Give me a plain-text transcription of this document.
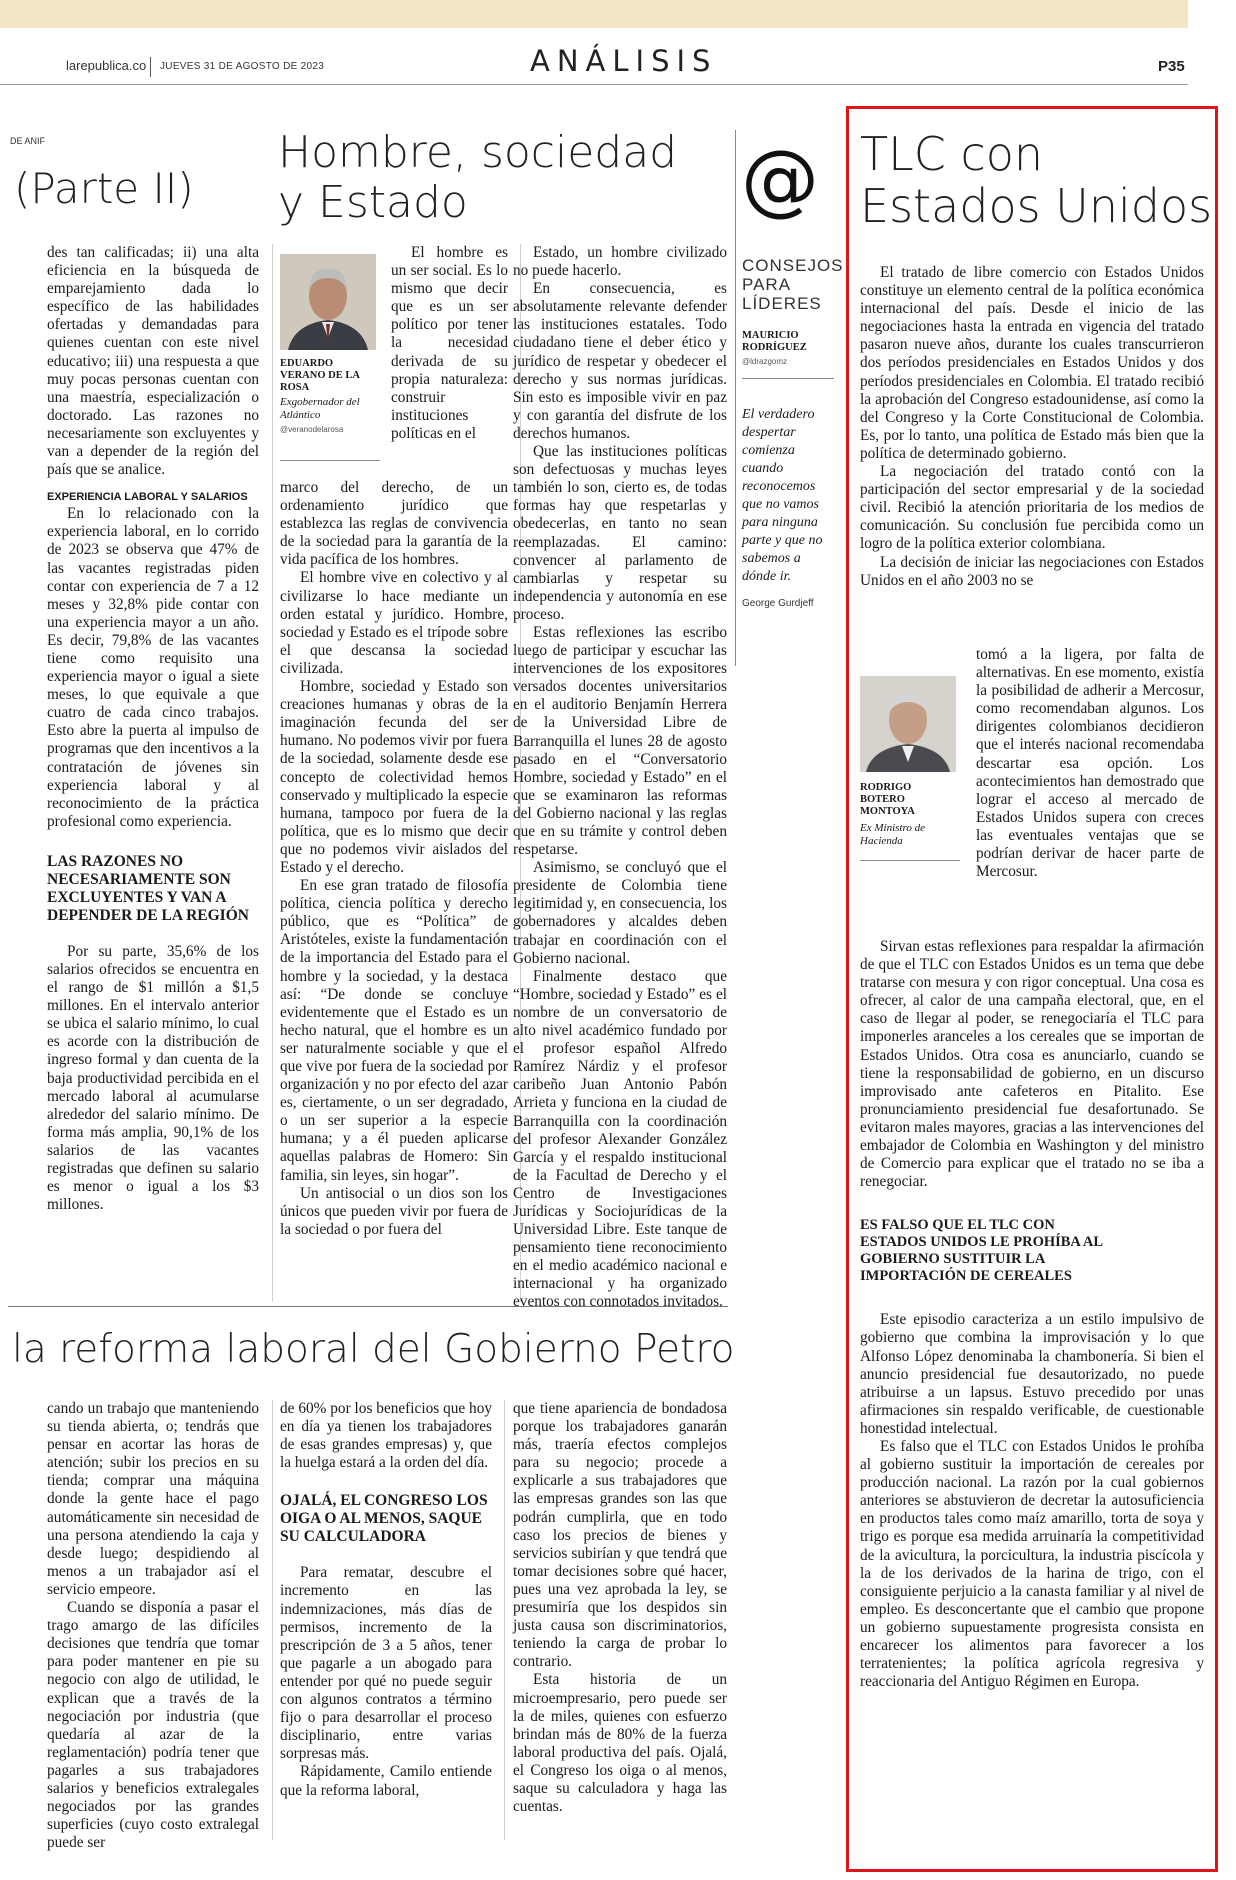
larepublica.co JUEVES 31 DE AGOSTO DE 2023	ANÁLISIS	P35
DE ANIF
(Parte II)

des tan calificadas; ii) una alta eficiencia en la búsqueda de emparejamiento dada lo específico de las habilidades ofertadas y demandadas para quienes cuentan con este nivel educativo; iii) una respuesta a que muy pocas personas cuentan con una maestría, especialización o doctorado. Las razones no necesariamente son excluyentes y van a depender de la región del país que se analice.

EXPERIENCIA LABORAL Y SALARIOS

En lo relacionado con la experiencia laboral, en lo corrido de 2023 se observa que 47% de las vacantes registradas piden contar con experiencia de 7 a 12 meses y 32,8% pide contar con una experiencia mayor a un año. Es decir, 79,8% de las vacantes tiene como requisito una experiencia mayor o igual a siete meses, lo que equivale a que cuatro de cada cinco trabajos. Esto abre la puerta al impulso de programas que den incentivos a la contratación de jóvenes sin experiencia laboral y al reconocimiento de la práctica profesional como experiencia.

LAS RAZONES NO NECESARIAMENTE SON EXCLUYENTES Y VAN A DEPENDER DE LA REGIÓN

Por su parte, 35,6% de los salarios ofrecidos se encuentra en el rango de $1 millón a $1,5 millones. En el intervalo anterior se ubica el salario mínimo, lo cual es acorde con la distribución de ingreso formal y dan cuenta de la baja productividad percibida en el mercado laboral al acumularse alrededor del salario mínimo. De forma más amplia, 90,1% de los salarios de las vacantes registradas que definen su salario es menor o igual a los $3 millones.

Hombre, sociedad
y Estado
EDUARDO VERANO DE LA ROSA
Exgobernador del Atlántico
@veranodelarosa

El hombre es un ser social. Es lo mismo que decir que es un ser político por tener la necesidad derivada de su propia naturaleza: construir instituciones políticas en el

marco del derecho, de un ordenamiento jurídico que establezca las reglas de convivencia de la sociedad para la garantía de la vida pacífica de los hombres.

El hombre vive en colectivo y al civilizarse lo hace mediante un orden estatal y jurídico. Hombre, sociedad y Estado es el trípode sobre el que descansa la sociedad civilizada.

Hombre, sociedad y Estado son creaciones humanas y obras de la imaginación fecunda del ser humano. No podemos vivir por fuera de la sociedad, solamente desde ese concepto de colectividad hemos conservado y multiplicado la especie humana, tampoco por fuera de la política, que es lo mismo que decir que no podemos vivir aislados del Estado y el derecho.

En ese gran tratado de filosofía política, ciencia política y derecho público, que es “Política” de Aristóteles, existe la fundamentación de la importancia del Estado para el hombre y la sociedad, y la destaca así: “De donde se concluye evidentemente que el Estado es un hecho natural, que el hombre es un ser naturalmente sociable y que el que vive por fuera de la sociedad por organización y no por efecto del azar es, ciertamente, o un ser degradado, o un ser superior a la especie humana; y a él pueden aplicarse aquellas palabras de Homero: Sin familia, sin leyes, sin hogar”.

Un antisocial o un dios son los únicos que pueden vivir por fuera de la sociedad o por fuera del

Estado, un hombre civilizado no puede hacerlo.

En consecuencia, es absolutamente relevante defender las instituciones estatales. Todo ciudadano tiene el deber ético y jurídico de respetar y obedecer el derecho y sus normas jurídicas. Sin esto es imposible vivir en paz y con garantía del disfrute de los derechos humanos.

Que las instituciones políticas son defectuosas y muchas leyes también lo son, cierto es, de todas formas hay que respetarlas y obedecerlas, en tanto no sean reemplazadas. El camino: convencer al parlamento de cambiarlas y respetar su independencia y autonomía en ese proceso.

Estas reflexiones las escribo luego de participar y escuchar las intervenciones de los expositores versados docentes universitarios en el auditorio Benjamín Herrera de la Universidad Libre de Barranquilla el lunes 28 de agosto pasado en el “Conversatorio Hombre, sociedad y Estado” en el que se examinaron las reformas del Gobierno nacional y las reglas que en su trámite y control deben respetarse.

Asimismo, se concluyó que el presidente de Colombia tiene legitimidad y, en consecuencia, los gobernadores y alcaldes deben trabajar en coordinación con el Gobierno nacional.

Finalmente destaco que “Hombre, sociedad y Estado” es el nombre de un conversatorio de alto nivel académico fundado por el profesor español Alfredo Ramírez Nárdiz y el profesor caribeño Juan Antonio Pabón Arrieta y funciona en la ciudad de Barranquilla con la coordinación del profesor Alexander González García y el respaldo institucional de la Facultad de Derecho y el Centro de Investigaciones Jurídicas y Sociojurídicas de la Universidad Libre. Este tanque de pensamiento tiene reconocimiento en el medio académico nacional e internacional y ha organizado eventos con connotados invitados.

@
CONSEJOS
PARA
LÍDERES
MAURICIO RODRÍGUEZ
@ldrazgomz
El verdadero despertar comienza cuando reconocemos que no vamos para ninguna parte y que no sabemos a dónde ir.
George Gurdjeff
la reforma laboral del Gobierno Petro

cando un trabajo que manteniendo su tienda abierta, o; tendrás que pensar en acortar las horas de atención; subir los precios en su tienda; comprar una máquina donde la gente hace el pago automáticamente sin necesidad de una persona atendiendo la caja y desde luego; despidiendo al menos a un trabajador así el servicio empeore.

Cuando se disponía a pasar el trago amargo de las difíciles decisiones que tendría que tomar para poder mantener en pie su negocio con algo de utilidad, le explican que a través de la negociación por industria (que quedaría al azar de la reglamentación) podría tener que pagarles a sus trabajadores salarios y beneficios extralegales negociados por las grandes superficies (cuyo costo extralegal puede ser

de 60% por los beneficios que hoy en día ya tienen los trabajadores de esas grandes empresas) y, que la huelga estará a la orden del día.

OJALÁ, EL CONGRESO LOS OIGA O AL MENOS, SAQUE SU CALCULADORA

Para rematar, descubre el incremento en las indemnizaciones, más días de permisos, incremento de la prescripción de 3 a 5 años, tener que pagarle a un abogado para entender por qué no puede seguir con algunos contratos a término fijo o para desarrollar el proceso disciplinario, entre varias sorpresas más.

Rápidamente, Camilo entiende que la reforma laboral,

que tiene apariencia de bondadosa porque los trabajadores ganarán más, traería efectos complejos para su negocio; procede a explicarle a sus trabajadores que las empresas grandes son las que podrán cumplirla, que en todo caso los precios de bienes y servicios subirían y que tendrá que tomar decisiones sobre qué hacer, pues una vez aprobada la ley, se presumiría que los despidos sin justa causa son discriminatorios, teniendo la carga de probar lo contrario.

Esta historia de un microempresario, pero puede ser la de miles, quienes con esfuerzo brindan más de 80% de la fuerza laboral productiva del país. Ojalá, el Congreso los oiga o al menos, saque su calculadora y haga las cuentas.

TLC con
Estados Unidos

El tratado de libre comercio con Estados Unidos constituye un elemento central de la política económica internacional del país. Desde el inicio de las negociaciones hasta la entrada en vigencia del tratado pasaron nueve años, durante los cuales transcurrieron dos períodos presidenciales en Estados Unidos y dos períodos presidenciales en Colombia. El tratado recibió la aprobación del Congreso estadounidense, así como la del Congreso y la Corte Constitucional de Colombia. Es, por lo tanto, una política de Estado más bien que la política de determinado gobierno.

La negociación del tratado contó con la participación del sector empresarial y de la sociedad civil. Recibió la atención prioritaria de los medios de comunicación. Su conclusión fue percibida como un logro de la política exterior colombiana.

La decisión de iniciar las negociaciones con Estados Unidos en el año 2003 no se

RODRIGO BOTERO MONTOYA
Ex Ministro de Hacienda

tomó a la ligera, por falta de alternativas. En ese momento, existía la posibilidad de adherir a Mercosur, como recomendaban algunos. Los dirigentes colombianos decidieron que el interés nacional recomendaba descartar esa opción. Los acontecimientos han demostrado que lograr el acceso al mercado de Estados Unidos supera con creces las eventuales ventajas que se podrían derivar de hacer parte de Mercosur.

Sirvan estas reflexiones para respaldar la afirmación de que el TLC con Estados Unidos es un tema que debe tratarse con mesura y con rigor conceptual. Una cosa es ofrecer, al calor de una campaña electoral, que, en el caso de llegar al poder, se renegociaría el TLC para imponerles aranceles a los cereales que se importan de Estados Unidos. Otra cosa es anunciarlo, cuando se tiene la responsabilidad de gobierno, en un discurso improvisado ante cafeteros en Pitalito. Ese pronunciamiento presidencial fue desafortunado. Se evitaron males mayores, gracias a las intervenciones del embajador de Colombia en Washington y del ministro de Comercio para explicar que el tratado no se iba a renegociar.

ES FALSO QUE EL TLC CON ESTADOS UNIDOS LE PROHÍBA AL GOBIERNO SUSTITUIR LA IMPORTACIÓN DE CEREALES

Este episodio caracteriza a un estilo impulsivo de gobierno que combina la improvisación y lo que Alfonso López denominaba la chambonería. Si bien el anuncio presidencial fue desautorizado, no puede atribuirse a un lapsus. Estuvo precedido por unas afirmaciones sin respaldo verificable, de cuestionable honestidad intelectual.

Es falso que el TLC con Estados Unidos le prohíba al gobierno sustituir la importación de cereales por producción nacional. La razón por la cual gobiernos anteriores se abstuvieron de decretar la autosuficiencia en productos tales como maíz amarillo, torta de soya y trigo es porque esa medida arruinaría la competitividad de la avicultura, la porcicultura, la industria piscícola y la de los derivados de la harina de trigo, con el consiguiente perjuicio a la canasta familiar y al nivel de empleo. Es desconcertante que el cambio que propone un gobierno supuestamente progresista consista en encarecer los alimentos para favorecer a los terratenientes; la política agrícola regresiva y reaccionaria del Antiguo Régimen en Europa.
